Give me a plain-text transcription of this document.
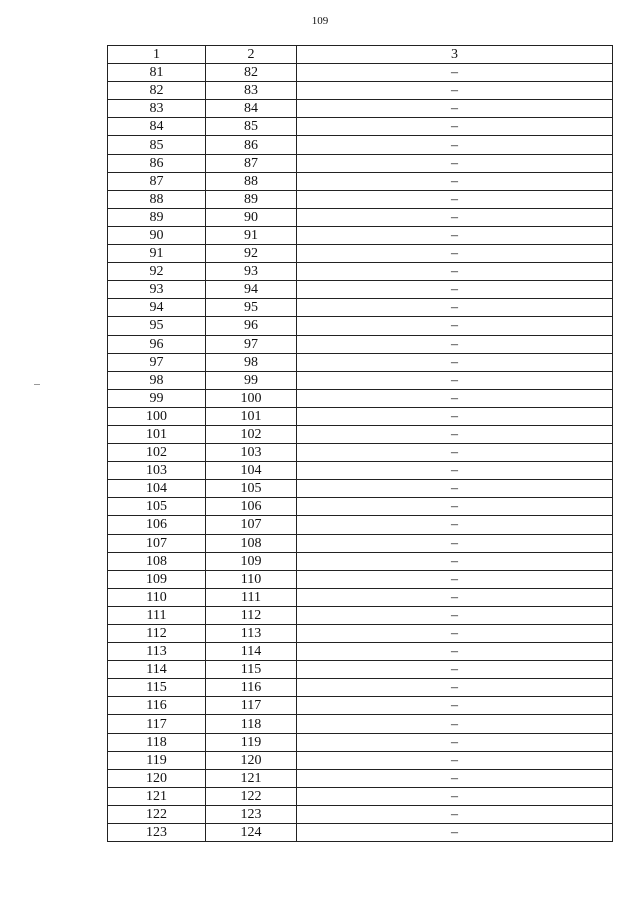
109
1	2	3
81	82	–
82	83	–
83	84	–
84	85	–
85	86	–
86	87	–
87	88	–
88	89	–
89	90	–
90	91	–
91	92	–
92	93	–
93	94	–
94	95	–
95	96	–
96	97	–
97	98	–
98	99	–
99	100	–
100	101	–
101	102	–
102	103	–
103	104	–
104	105	–
105	106	–
106	107	–
107	108	–
108	109	–
109	110	–
110	111	–
111	112	–
112	113	–
113	114	–
114	115	–
115	116	–
116	117	–
117	118	–
118	119	–
119	120	–
120	121	–
121	122	–
122	123	–
123	124	–
